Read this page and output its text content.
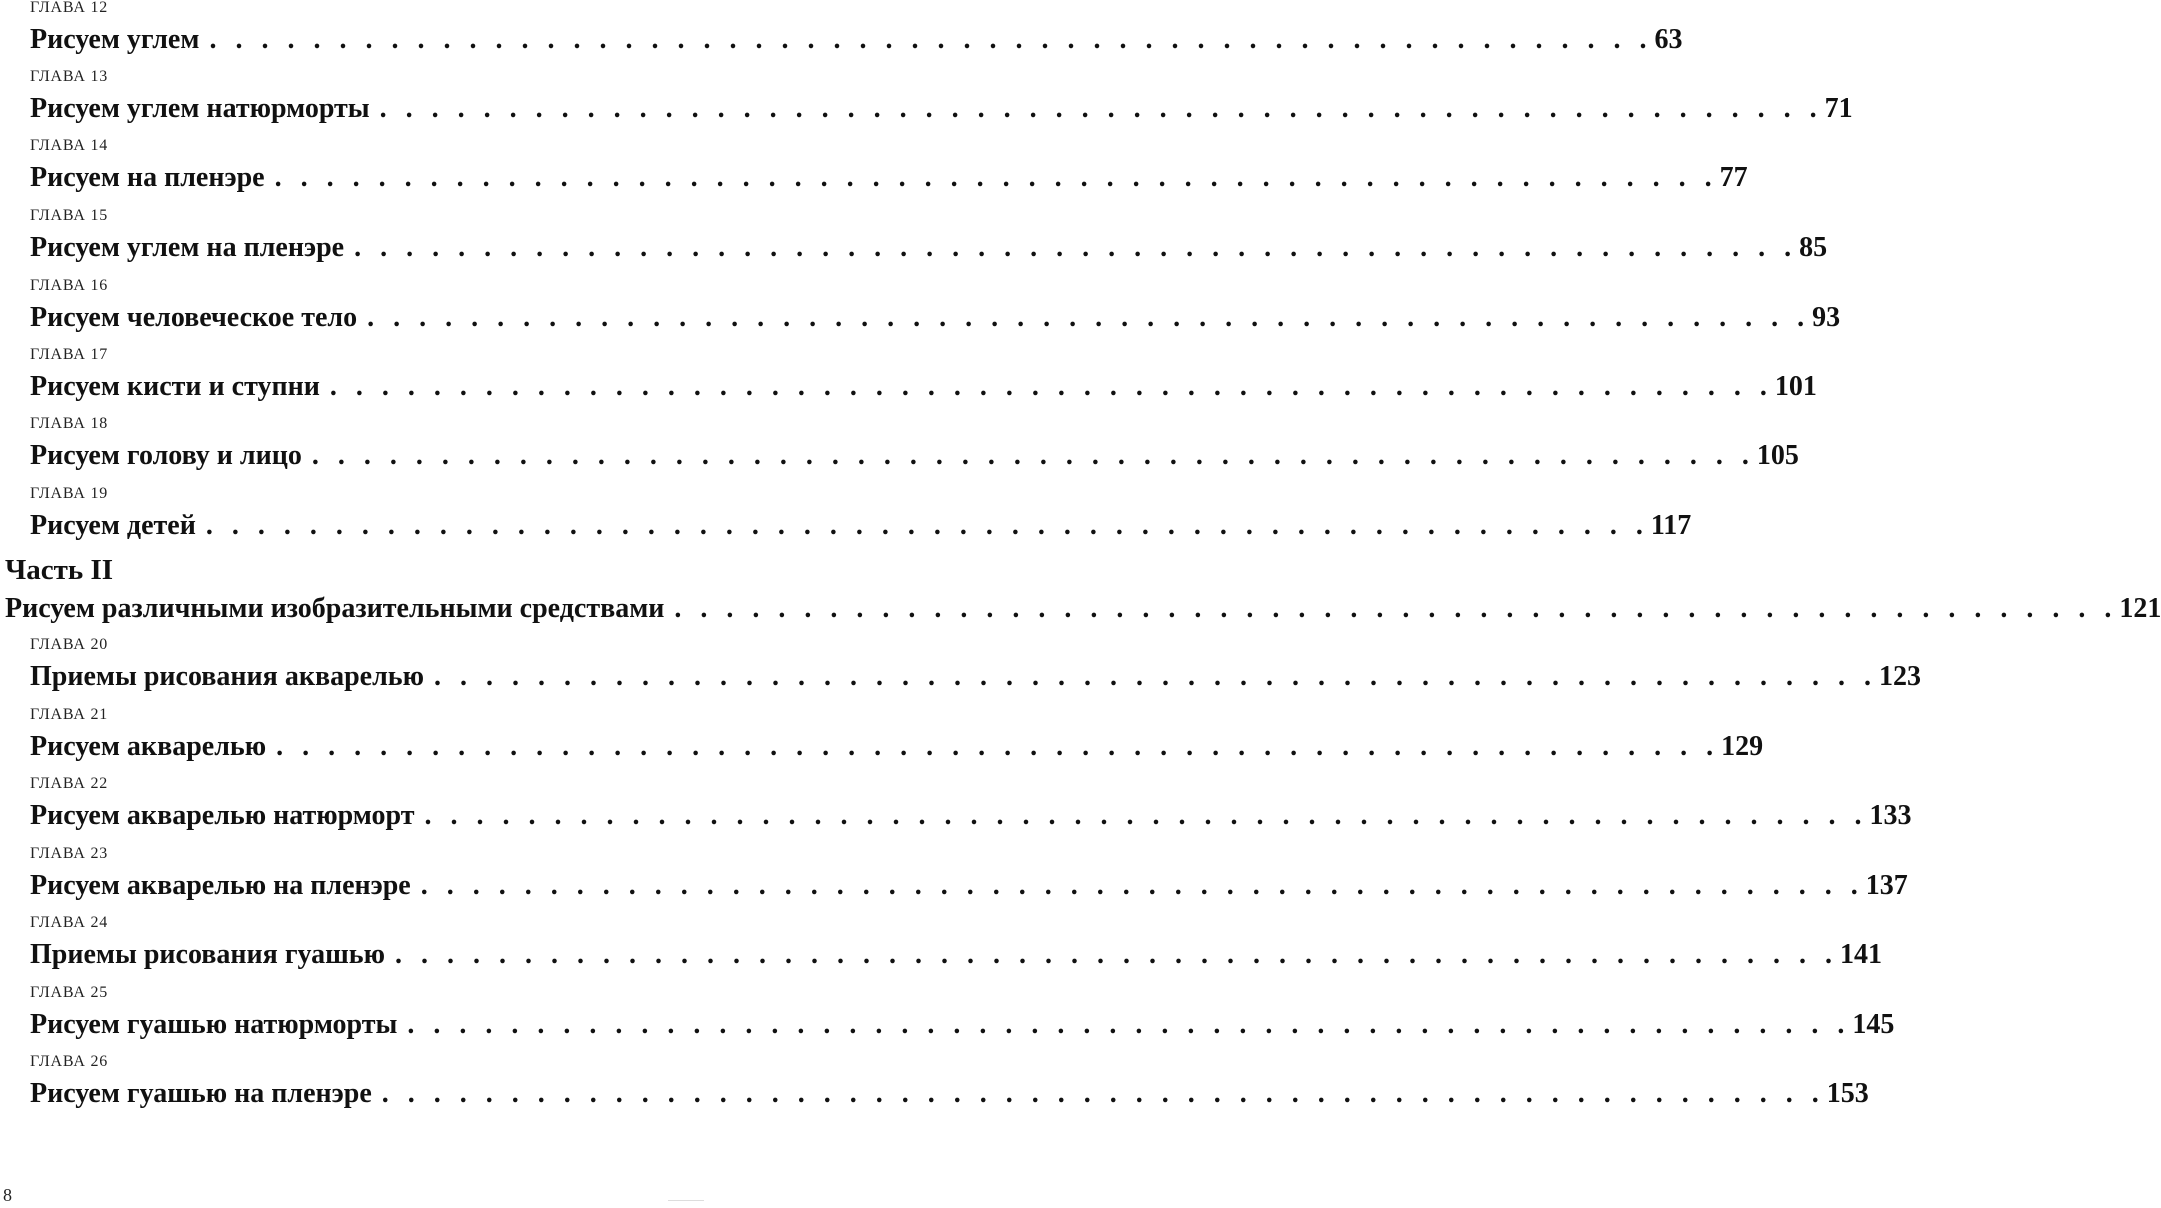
ГЛАВА 12
Рисуем углем . . . . . . . . . . . . . . . . . . . . . . . . . . . . . . . . . . . . . . . . . . . . . . . . . . . . . . . . 63
ГЛАВА 13
Рисуем углем натюрморты . . . . . . . . . . . . . . . . . . . . . . . . . . . . . . . . . . . . . . . . . . . . . . . . . . . . . . . . 71
ГЛАВА 14
Рисуем на пленэре . . . . . . . . . . . . . . . . . . . . . . . . . . . . . . . . . . . . . . . . . . . . . . . . . . . . . . . . 77
ГЛАВА 15
Рисуем углем на пленэре . . . . . . . . . . . . . . . . . . . . . . . . . . . . . . . . . . . . . . . . . . . . . . . . . . . . . . . . 85
ГЛАВА 16
Рисуем человеческое тело . . . . . . . . . . . . . . . . . . . . . . . . . . . . . . . . . . . . . . . . . . . . . . . . . . . . . . . . 93
ГЛАВА 17
Рисуем кисти и ступни . . . . . . . . . . . . . . . . . . . . . . . . . . . . . . . . . . . . . . . . . . . . . . . . . . . . . . . . 101
ГЛАВА 18
Рисуем голову и лицо . . . . . . . . . . . . . . . . . . . . . . . . . . . . . . . . . . . . . . . . . . . . . . . . . . . . . . . . 105
ГЛАВА 19
Рисуем детей . . . . . . . . . . . . . . . . . . . . . . . . . . . . . . . . . . . . . . . . . . . . . . . . . . . . . . . . 117
Часть II
Рисуем различными изобразительными средствами . . . . . . . . . . . . . . . . . . . . . . . . . . . . . . . . . . . . . . . . . . . . . . . . . . . . . . . . 121
ГЛАВА 20
Приемы рисования акварелью . . . . . . . . . . . . . . . . . . . . . . . . . . . . . . . . . . . . . . . . . . . . . . . . . . . . . . . . 123
ГЛАВА 21
Рисуем акварелью . . . . . . . . . . . . . . . . . . . . . . . . . . . . . . . . . . . . . . . . . . . . . . . . . . . . . . . . 129
ГЛАВА 22
Рисуем акварелью натюрморт . . . . . . . . . . . . . . . . . . . . . . . . . . . . . . . . . . . . . . . . . . . . . . . . . . . . . . . . 133
ГЛАВА 23
Рисуем акварелью на пленэре . . . . . . . . . . . . . . . . . . . . . . . . . . . . . . . . . . . . . . . . . . . . . . . . . . . . . . . . 137
ГЛАВА 24
Приемы рисования гуашью . . . . . . . . . . . . . . . . . . . . . . . . . . . . . . . . . . . . . . . . . . . . . . . . . . . . . . . . 141
ГЛАВА 25
Рисуем гуашью натюрморты . . . . . . . . . . . . . . . . . . . . . . . . . . . . . . . . . . . . . . . . . . . . . . . . . . . . . . . . 145
ГЛАВА 26
Рисуем гуашью на пленэре . . . . . . . . . . . . . . . . . . . . . . . . . . . . . . . . . . . . . . . . . . . . . . . . . . . . . . . . 153
8
